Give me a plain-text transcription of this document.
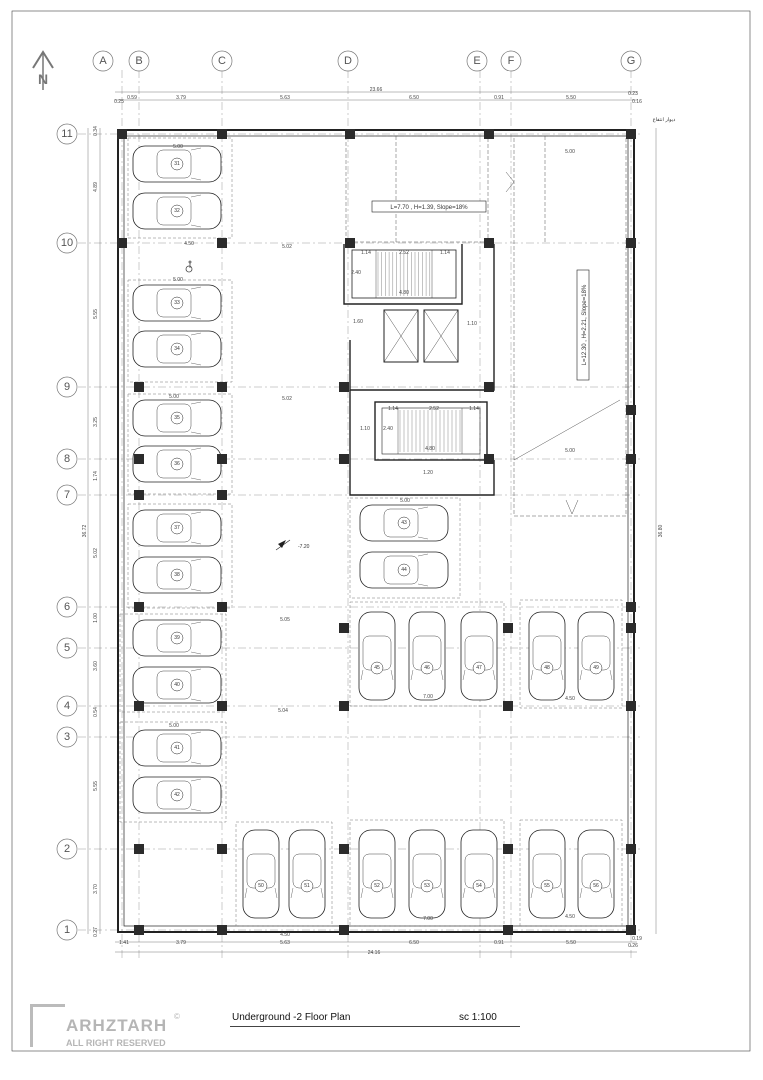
N
A	B	C	D	E F	G
11
10
9
8
7
6
5
4
3
2
1
L=7.70 , H=1.39, Slope=18%
L=12.30 , H=2.21, Slope=18%
31
32
33
34
35
36
37
38
39
40
41
42
43
44
45	46	47	48	49
50	51	52	53	54	55	56
23.66
0.25
0.59	3.79	5.63	6.50	0.91	5.50
0.23
0.16
24.16
1.41	3.79	5.63	6.50	0.91	5.50
0.19
0.26
0.34
4.89
5.55
3.25
1.74
5.02
1.00
3.60
0.54
5.55
3.70
0.27
36.72	36.80
5.00
5.00
5.00
5.00
5.00
5.00
5.00
5.02
5.02
5.05
5.04
4.50
4.50
4.50
4.50
7.00
7.00
1.14
1.14
1.14
1.14
2.52
2.52
4.80
4.80
1.10
1.10
2.40
2.40
1.20
1.60
-7.20
دیوار انتفاع
Underground -2 Floor Plan	sc 1:100
ARHZTARH ©
ALL RIGHT RESERVED
